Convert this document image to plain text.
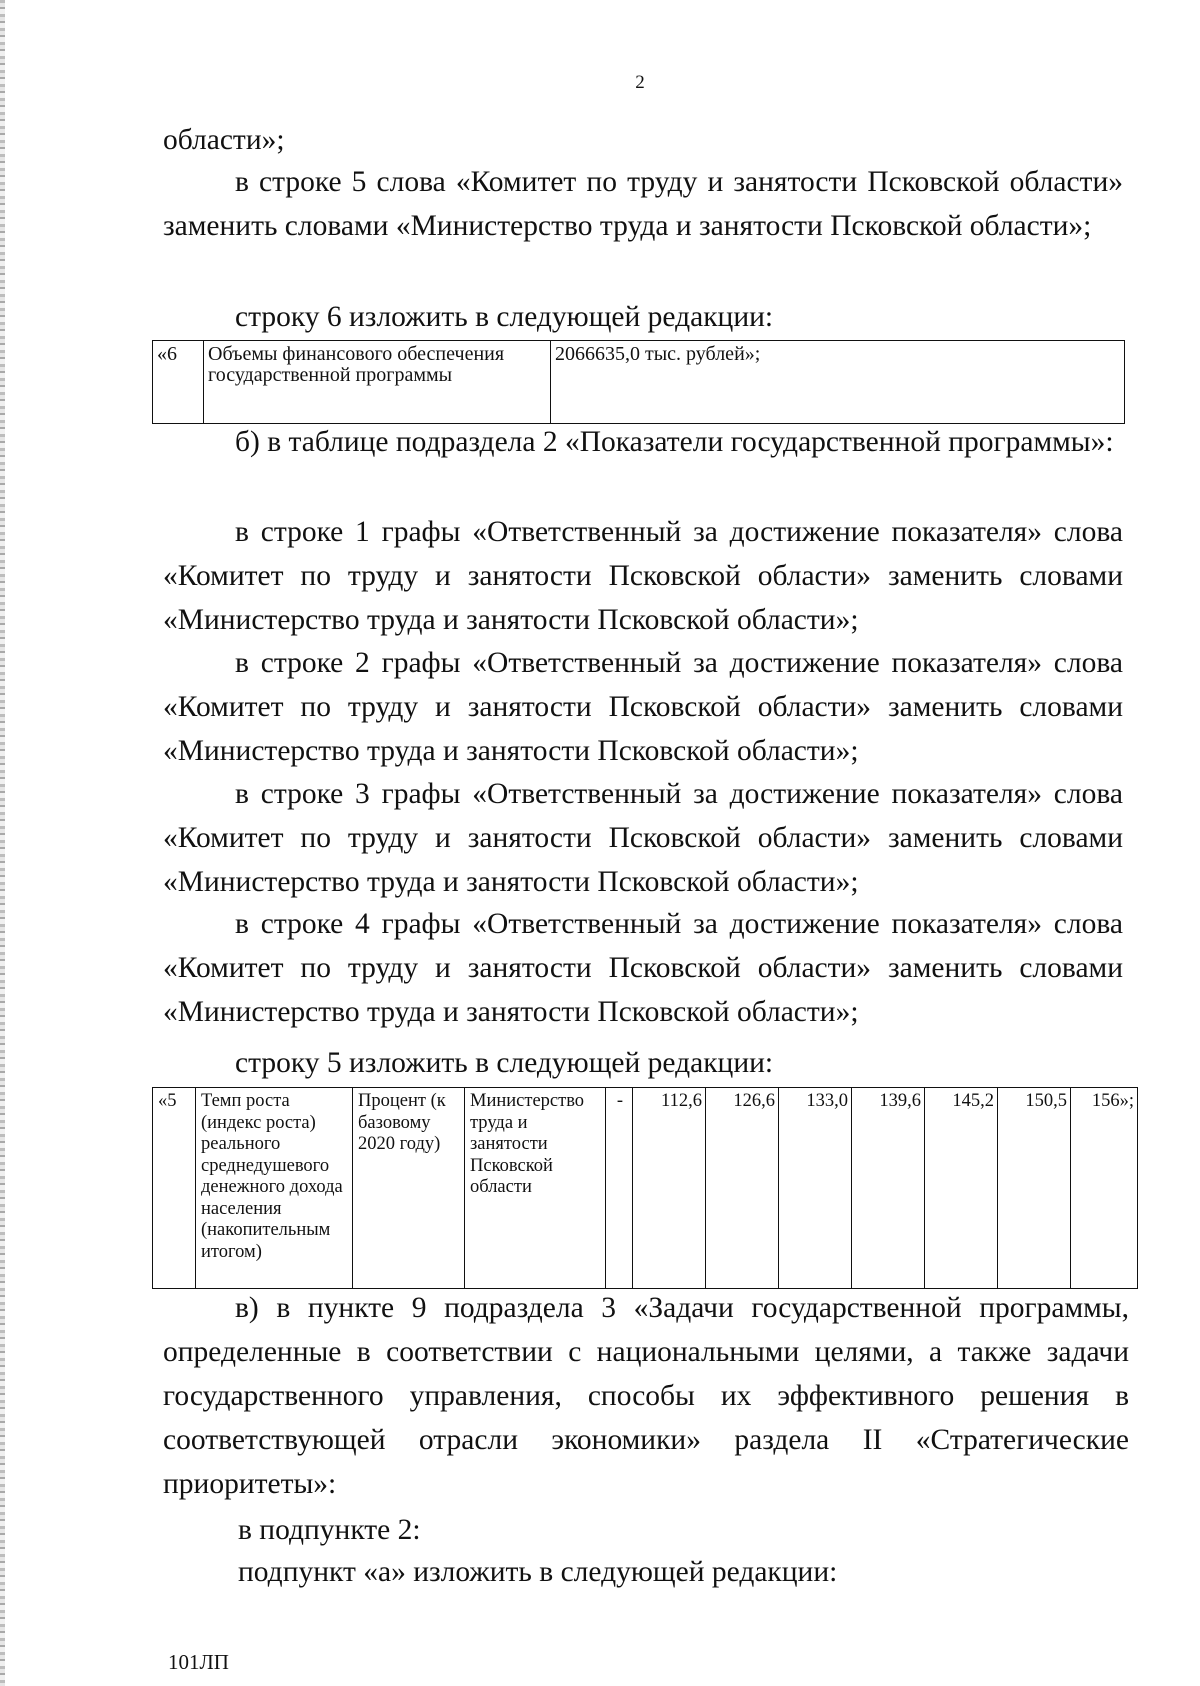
2
области»;
в строке 5 слова «Комитет по труду и занятости Псковской области» заменить словами «Министерство труда и занятости Псковской области»;
строку 6 изложить в следующей редакции:
«6	Объемы финансового обеспечения государственной программы	2066635,0 тыс. рублей»;
б) в таблице подраздела 2 «Показатели государственной программы»:
в строке 1 графы «Ответственный за достижение показателя» слова «Комитет по труду и занятости Псковской области» заменить словами «Министерство труда и занятости Псковской области»;
в строке 2 графы «Ответственный за достижение показателя» слова «Комитет по труду и занятости Псковской области» заменить словами «Министерство труда и занятости Псковской области»;
в строке 3 графы «Ответственный за достижение показателя» слова «Комитет по труду и занятости Псковской области» заменить словами «Министерство труда и занятости Псковской области»;
в строке 4 графы «Ответственный за достижение показателя» слова «Комитет по труду и занятости Псковской области» заменить словами «Министерство труда и занятости Псковской области»;
строку 5 изложить в следующей редакции:
«5	Темп роста (индекс роста) реального среднедушевого денежного дохода населения (накопительным итогом)	Процент (к базовому 2020 году)	Министерство труда и занятости Псковской области	-	112,6	126,6	133,0	139,6	145,2	150,5	156»;
в) в пункте 9 подраздела 3 «Задачи государственной программы, определенные в соответствии с национальными целями, а также задачи государственного управления, способы их эффективного решения в соответствующей отрасли экономики» раздела II «Стратегические приоритеты»:
в подпункте 2:
подпункт «а» изложить в следующей редакции:
101ЛП
